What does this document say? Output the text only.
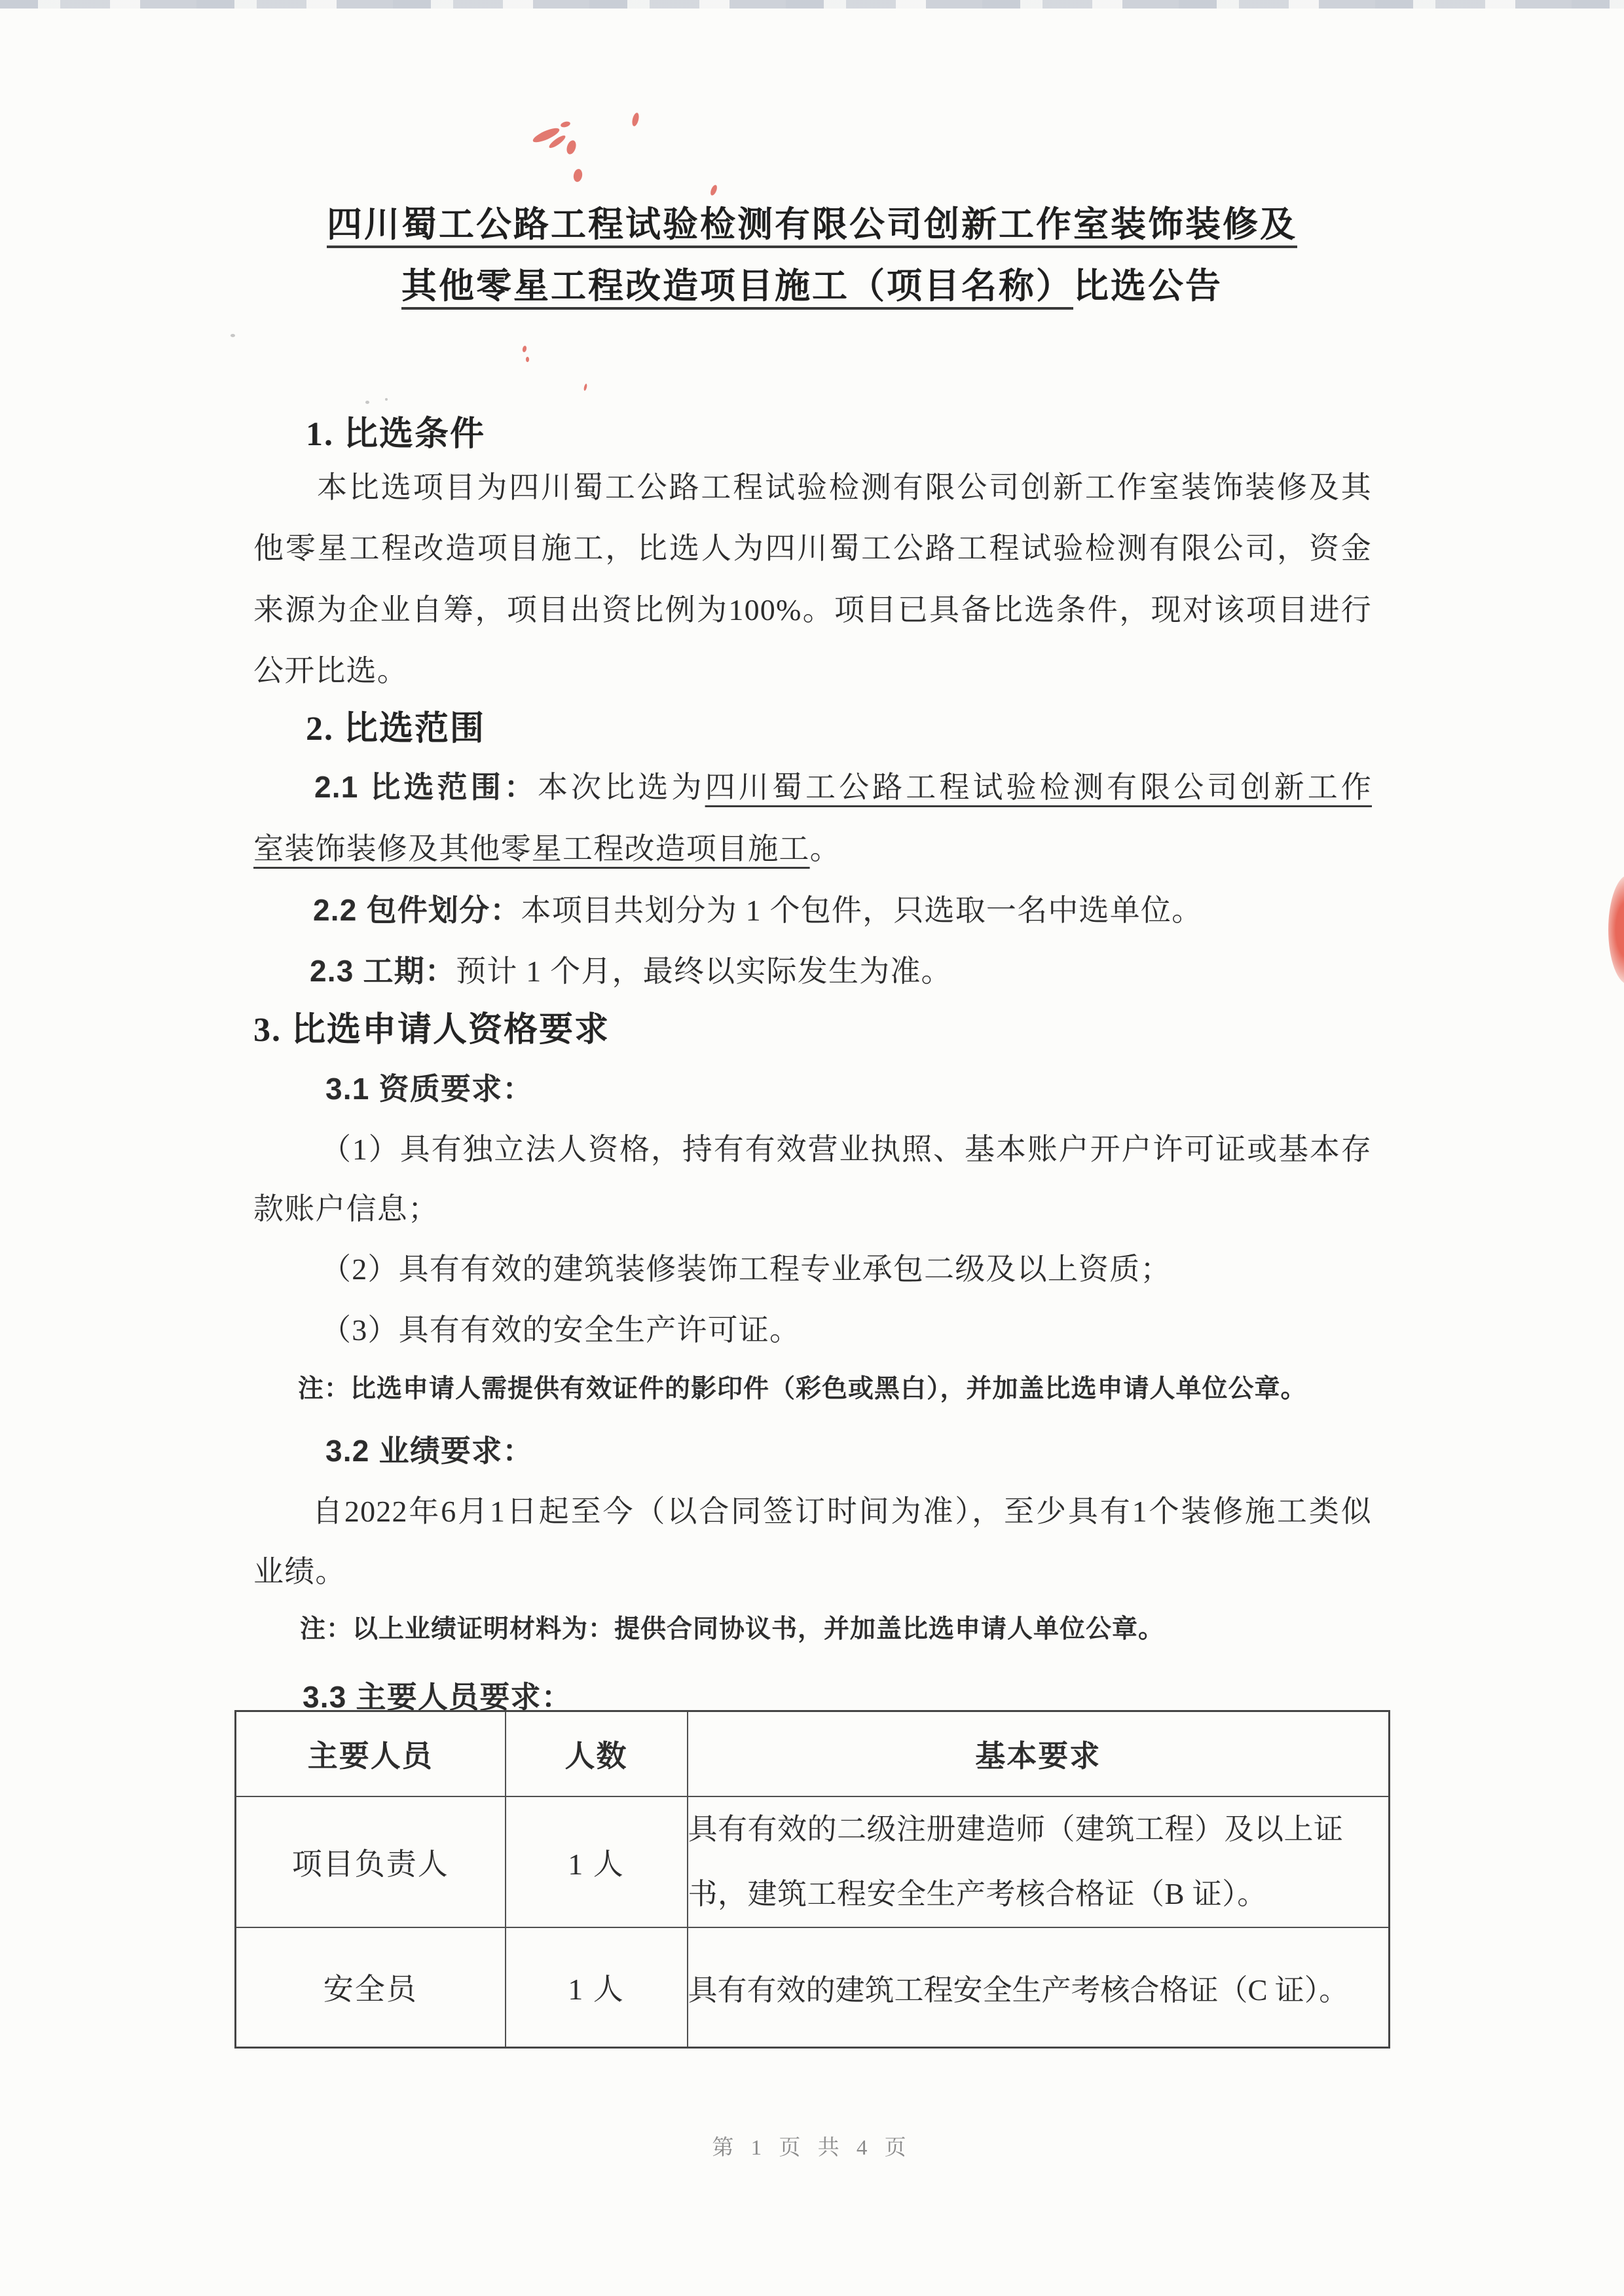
四川蜀工公路工程试验检测有限公司创新工作室装饰装修及
其他零星工程改造项目施工（项目名称）比选公告
1. 比选条件
本比选项目为四川蜀工公路工程试验检测有限公司创新工作室装饰装修及其
他零星工程改造项目施工，比选人为四川蜀工公路工程试验检测有限公司，资金
来源为企业自筹，项目出资比例为100%。项目已具备比选条件，现对该项目进行
公开比选。
2. 比选范围
2.1 比选范围：本次比选为四川蜀工公路工程试验检测有限公司创新工作
室装饰装修及其他零星工程改造项目施工。
2.2 包件划分：本项目共划分为 1 个包件，只选取一名中选单位。
2.3 工期：预计 1 个月，最终以实际发生为准。
3. 比选申请人资格要求
3.1 资质要求：
（1）具有独立法人资格，持有有效营业执照、基本账户开户许可证或基本存
款账户信息；
（2）具有有效的建筑装修装饰工程专业承包二级及以上资质；
（3）具有有效的安全生产许可证。
注：比选申请人需提供有效证件的影印件（彩色或黑白），并加盖比选申请人单位公章。
3.2 业绩要求：
自2022年6月1日起至今（以合同签订时间为准），至少具有1个装修施工类似
业绩。
注：以上业绩证明材料为：提供合同协议书，并加盖比选申请人单位公章。
3.3 主要人员要求：
主要人员	人数	基本要求
项目负责人	1 人	具有有效的二级注册建造师（建筑工程）及以上证
书，建筑工程安全生产考核合格证（B 证）。

安全员	1 人	具有有效的建筑工程安全生产考核合格证（C 证）。
第 1 页 共 4 页
